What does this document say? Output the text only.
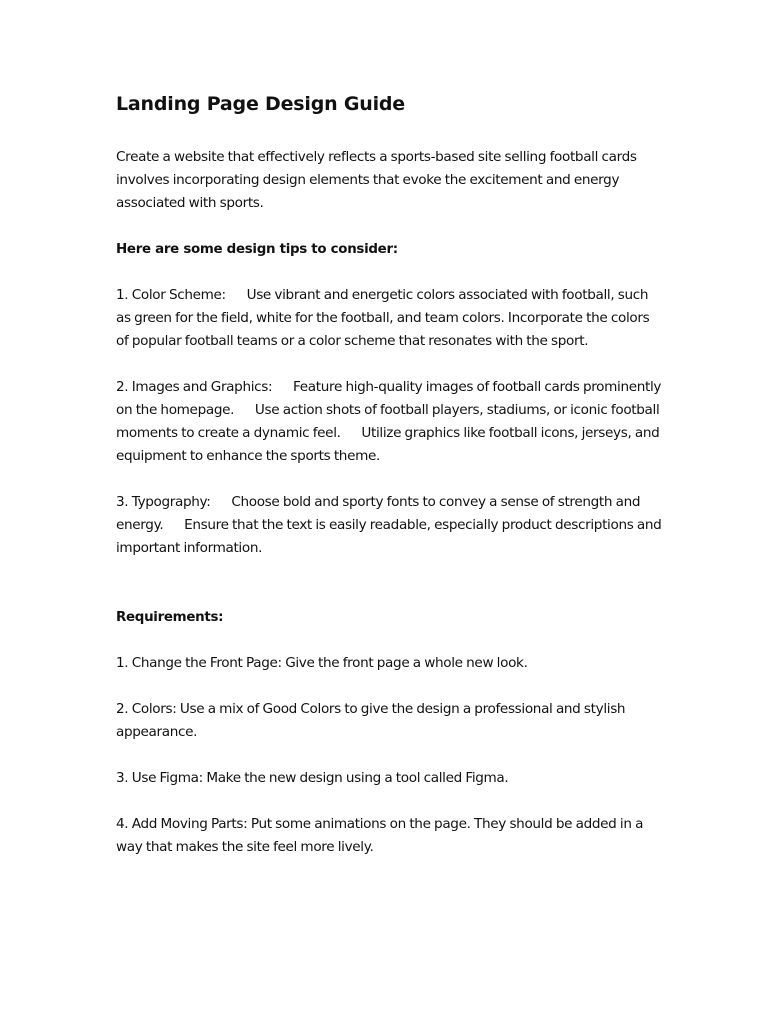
Landing Page Design Guide

Create a website that effectively reflects a sports-based site selling football cards involves incorporating design elements that evoke the excitement and energy associated with sports.

Here are some design tips to consider:

1. Color Scheme:      Use vibrant and energetic colors associated with football, such as green for the field, white for the football, and team colors. Incorporate the colors of popular football teams or a color scheme that resonates with the sport.

2. Images and Graphics:      Feature high-quality images of football cards prominently on the homepage.      Use action shots of football players, stadiums, or iconic football moments to create a dynamic feel.      Utilize graphics like football icons, jerseys, and equipment to enhance the sports theme.

3. Typography:      Choose bold and sporty fonts to convey a sense of strength and energy.      Ensure that the text is easily readable, especially product descriptions and important information.

Requirements:

1. Change the Front Page: Give the front page a whole new look.

2. Colors: Use a mix of Good Colors to give the design a professional and stylish appearance.

3. Use Figma: Make the new design using a tool called Figma.

4. Add Moving Parts: Put some animations on the page. They should be added in a way that makes the site feel more lively.
